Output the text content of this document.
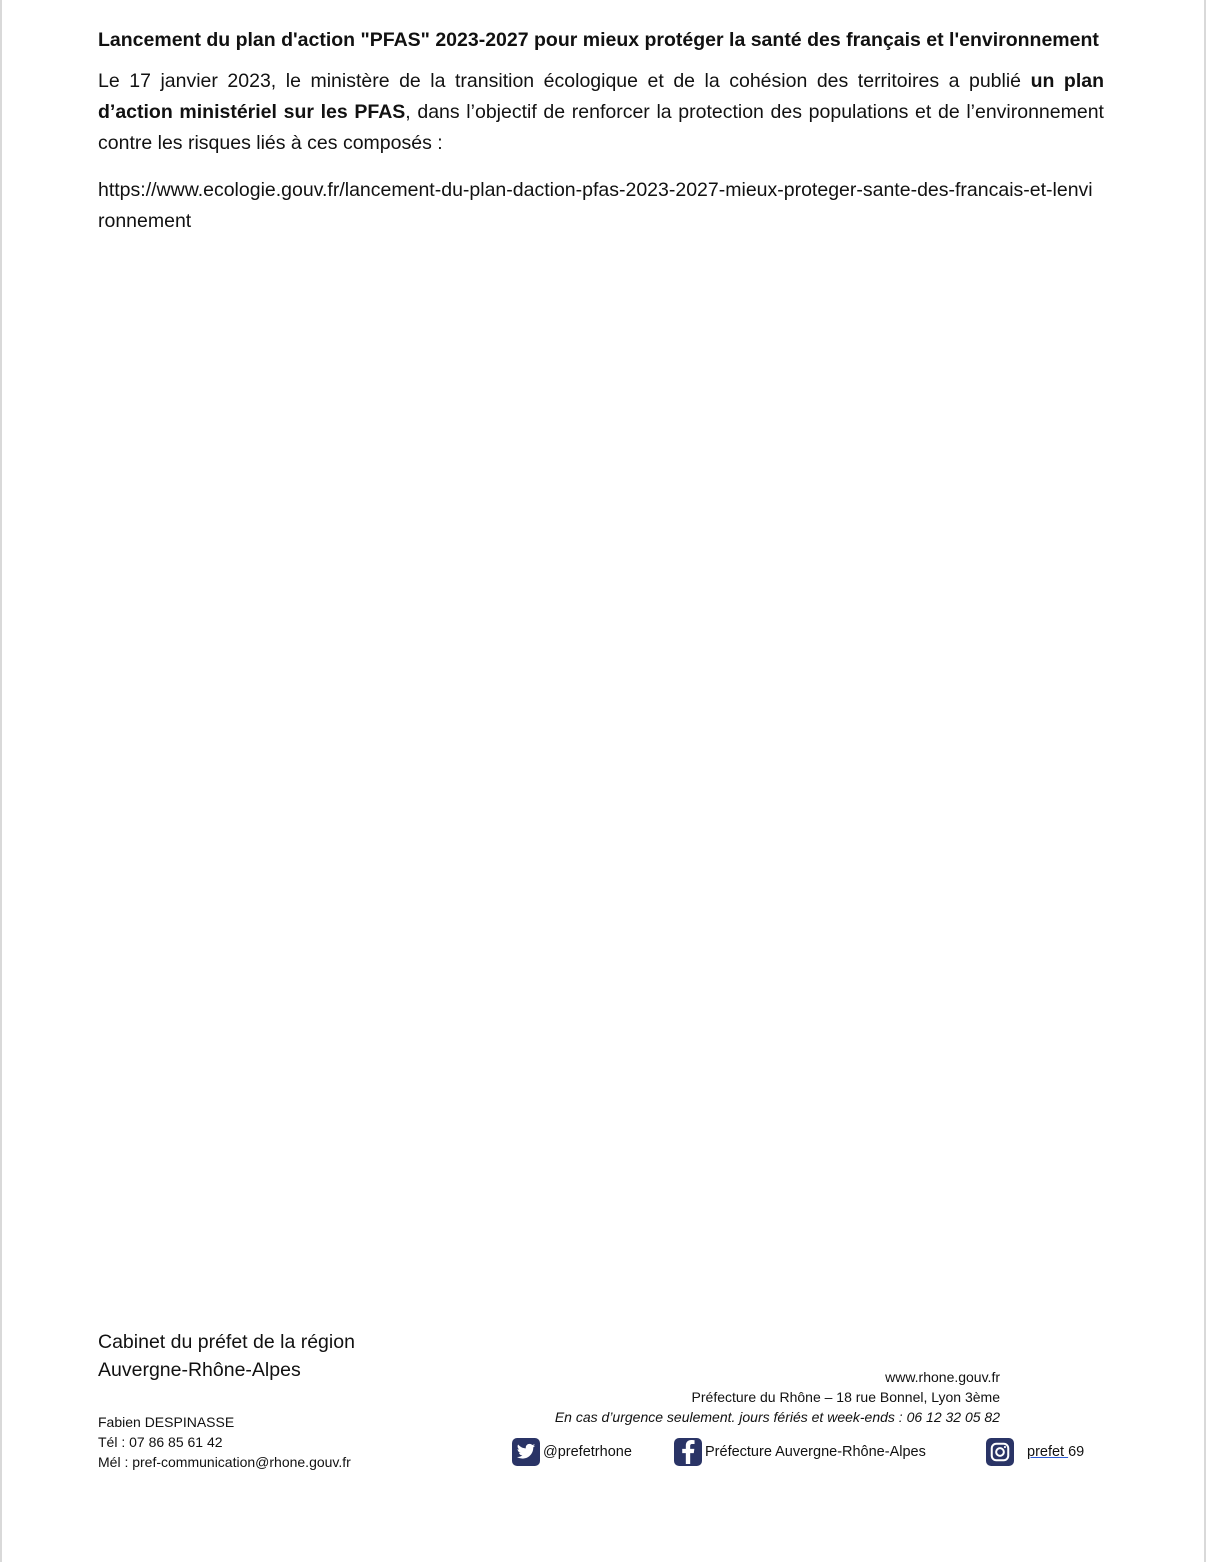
Lancement du plan d'action "PFAS" 2023-2027 pour mieux protéger la santé des français et l'environnement

Le 17 janvier 2023, le ministère de la transition écologique et de la cohésion des territoires a publié un plan d’action ministériel sur les PFAS, dans l’objectif de renforcer la protection des populations et de l’environnement contre les risques liés à ces composés :

https://www.ecologie.gouv.fr/lancement-du-plan-daction-pfas-2023-2027-mieux-proteger-sante-des-francais-et-lenvironnement

Cabinet du préfet de la région
Auvergne-Rhône-Alpes
Fabien DESPINASSE
Tél : 07 86 85 61 42
Mél : pref-communication@rhone.gouv.fr
www.rhone.gouv.fr
Préfecture du Rhône – 18 rue Bonnel, Lyon 3ème
En cas d’urgence seulement. jours fériés et week-ends : 06 12 32 05 82
@prefetrhone	Préfecture Auvergne-Rhône-Alpes	prefet 69
